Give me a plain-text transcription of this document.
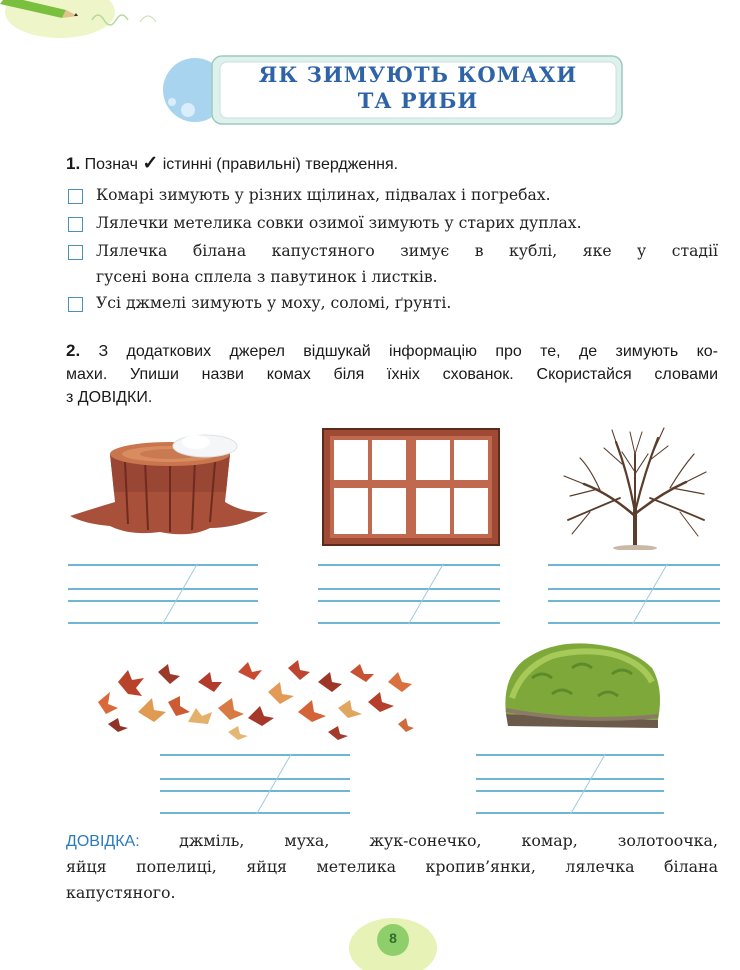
ЯК ЗИМУЮТЬ КОМАХИ
ТА РИБИ
1. Познач ✓ істинні (правильні) твердження.
Комарі зимують у різних щілинах, підвалах і погребах.
Лялечки метелика совки озимої зимують у старих дуплах.
Лялечка білана капустяного зимує в кублі, яке у стадії
гусені вона сплела з павутинок і листків.
Усі джмелі зимують у моху, соломі, ґрунті.
2. З додаткових джерел відшукай інформацію про те, де зимують ко-
махи. Упиши назви комах біля їхніх схованок. Скористайся словами
з ДОВІДКИ.
ДОВІДКА: джміль, муха, жук-сонечко, комар, золотоочка,
яйця попелиці, яйця метелика кропив’янки, лялечка білана
капустяного.
8
